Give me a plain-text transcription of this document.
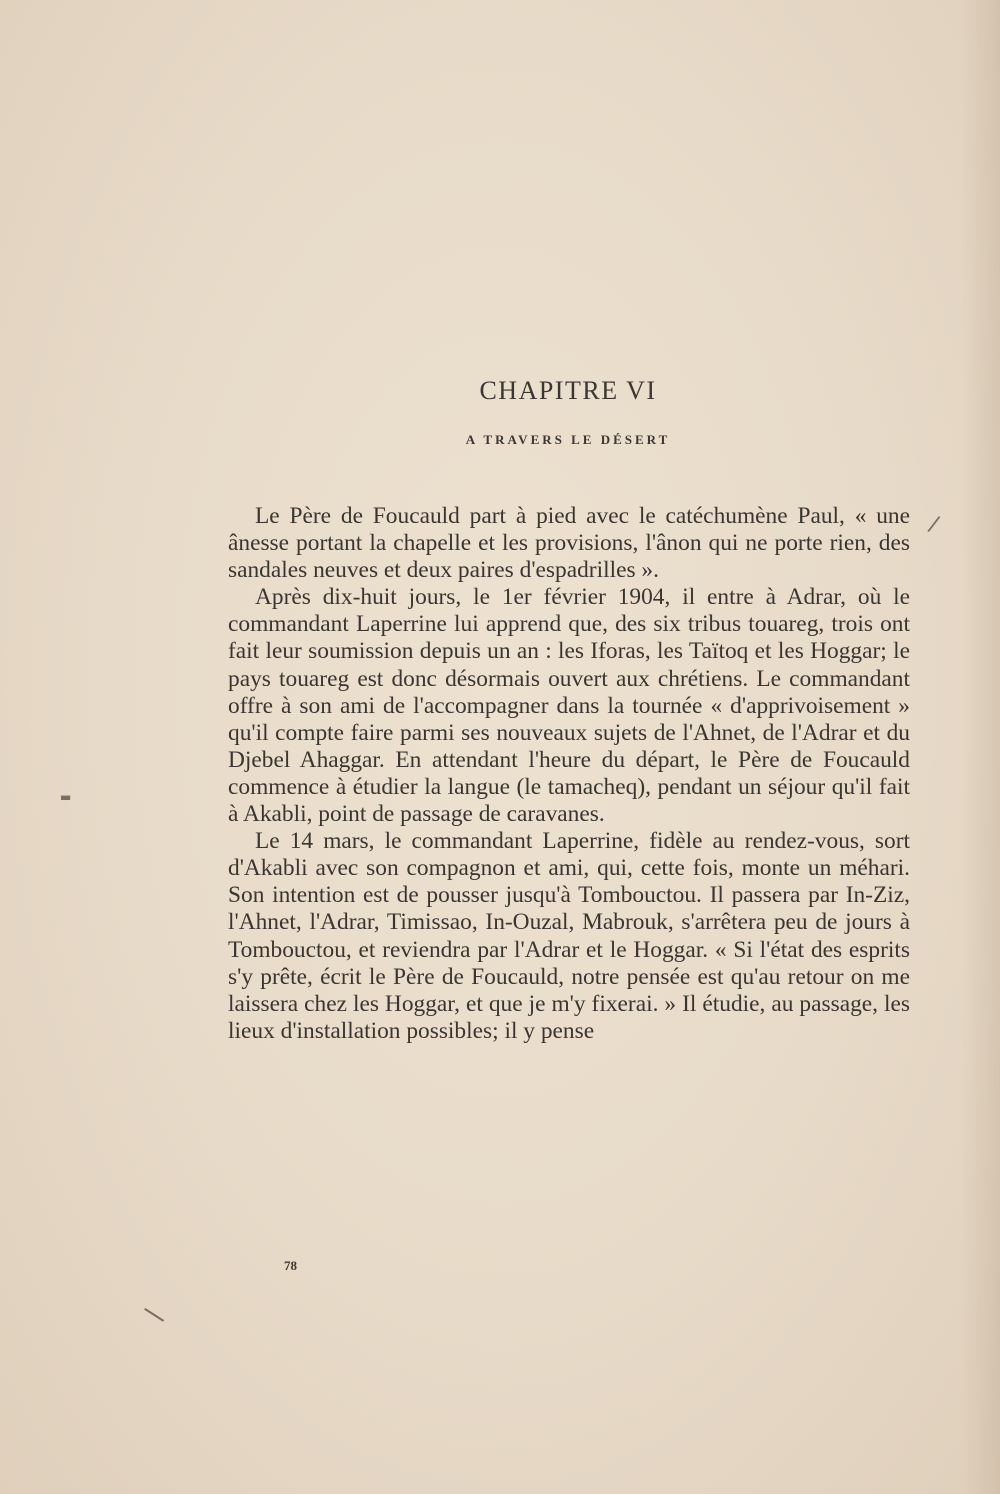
CHAPITRE VI
A TRAVERS LE DÉSERT

Le Père de Foucauld part à pied avec le catéchumène Paul, « une ânesse portant la chapelle et les provisions, l'ânon qui ne porte rien, des sandales neuves et deux paires d'espadrilles ».

Après dix-huit jours, le 1er février 1904, il entre à Adrar, où le commandant Laperrine lui apprend que, des six tribus touareg, trois ont fait leur soumission depuis un an : les Iforas, les Taïtoq et les Hoggar; le pays touareg est donc désormais ouvert aux chrétiens. Le commandant offre à son ami de l'accompagner dans la tournée « d'apprivoisement » qu'il compte faire parmi ses nouveaux sujets de l'Ahnet, de l'Adrar et du Djebel Ahaggar. En attendant l'heure du départ, le Père de Foucauld commence à étudier la langue (le tamacheq), pendant un séjour qu'il fait à Akabli, point de passage de caravanes.

Le 14 mars, le commandant Laperrine, fidèle au rendez-vous, sort d'Akabli avec son compagnon et ami, qui, cette fois, monte un méhari. Son intention est de pousser jusqu'à Tombouctou. Il passera par In-Ziz, l'Ahnet, l'Adrar, Timissao, In-Ouzal, Mabrouk, s'arrêtera peu de jours à Tombouctou, et reviendra par l'Adrar et le Hoggar. « Si l'état des esprits s'y prête, écrit le Père de Foucauld, notre pensée est qu'au retour on me laissera chez les Hoggar, et que je m'y fixerai. » Il étudie, au passage, les lieux d'installation possibles; il y pense

78
/
▬
\
